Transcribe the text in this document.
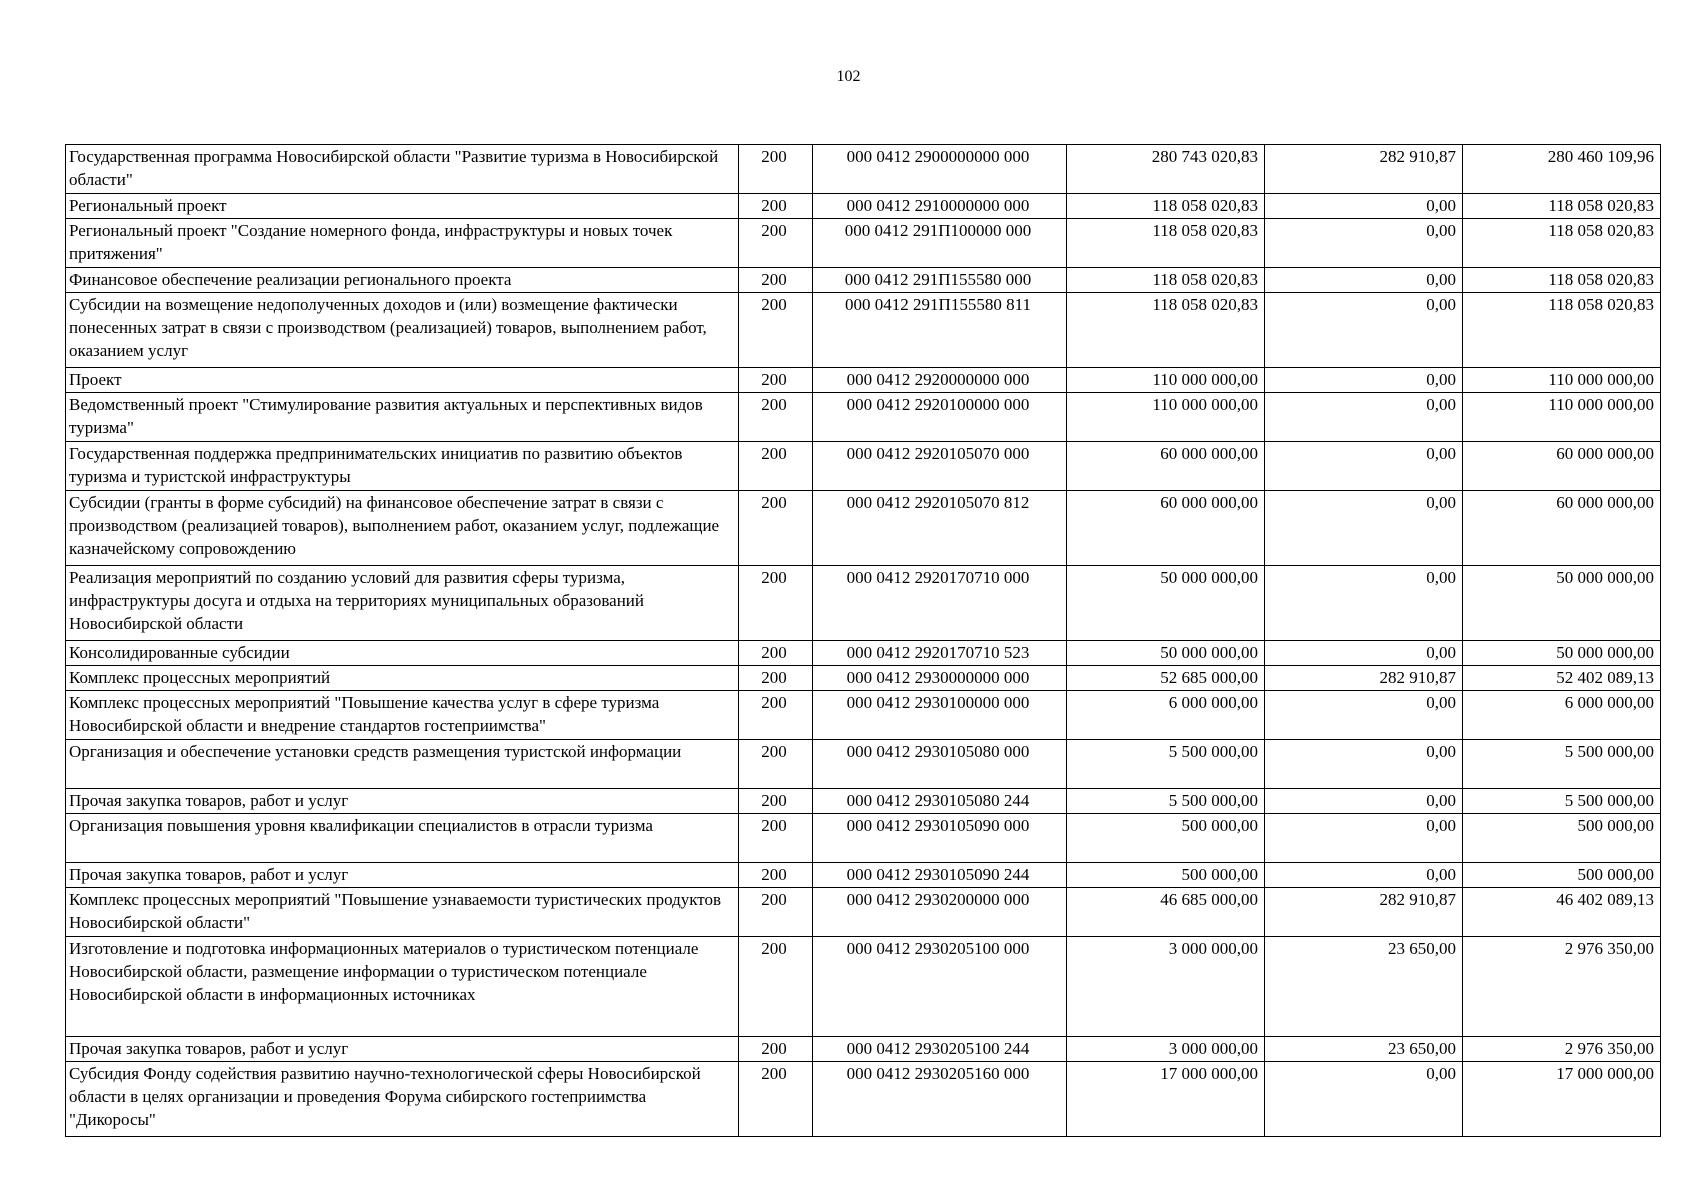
102
Государственная программа Новосибирской области "Развитие туризма в Новосибирской области"	200	000 0412 2900000000 000	280 743 020,83	282 910,87	280 460 109,96
Региональный проект	200	000 0412 2910000000 000	118 058 020,83	0,00	118 058 020,83
Региональный проект "Создание номерного фонда, инфраструктуры и новых точек притяжения"	200	000 0412 291П100000 000	118 058 020,83	0,00	118 058 020,83
Финансовое обеспечение реализации регионального проекта	200	000 0412 291П155580 000	118 058 020,83	0,00	118 058 020,83
Субсидии на возмещение недополученных доходов и (или) возмещение фактически понесенных затрат в связи с производством (реализацией) товаров, выполнением работ, оказанием услуг	200	000 0412 291П155580 811	118 058 020,83	0,00	118 058 020,83
Проект	200	000 0412 2920000000 000	110 000 000,00	0,00	110 000 000,00
Ведомственный проект "Стимулирование развития актуальных и перспективных видов туризма"	200	000 0412 2920100000 000	110 000 000,00	0,00	110 000 000,00
Государственная поддержка предпринимательских инициатив по развитию объектов туризма и туристской инфраструктуры	200	000 0412 2920105070 000	60 000 000,00	0,00	60 000 000,00
Субсидии (гранты в форме субсидий) на финансовое обеспечение затрат в связи с производством (реализацией товаров), выполнением работ, оказанием услуг, подлежащие казначейскому сопровождению	200	000 0412 2920105070 812	60 000 000,00	0,00	60 000 000,00
Реализация мероприятий по созданию условий для развития сферы туризма, инфраструктуры досуга и отдыха на территориях муниципальных образований Новосибирской области	200	000 0412 2920170710 000	50 000 000,00	0,00	50 000 000,00
Консолидированные субсидии	200	000 0412 2920170710 523	50 000 000,00	0,00	50 000 000,00
Комплекс процессных мероприятий	200	000 0412 2930000000 000	52 685 000,00	282 910,87	52 402 089,13
Комплекс процессных мероприятий "Повышение качества услуг в сфере туризма Новосибирской области и внедрение стандартов гостеприимства"	200	000 0412 2930100000 000	6 000 000,00	0,00	6 000 000,00
Организация и обеспечение установки средств размещения туристской информации	200	000 0412 2930105080 000	5 500 000,00	0,00	5 500 000,00
Прочая закупка товаров, работ и услуг	200	000 0412 2930105080 244	5 500 000,00	0,00	5 500 000,00
Организация повышения уровня квалификации специалистов в отрасли туризма	200	000 0412 2930105090 000	500 000,00	0,00	500 000,00
Прочая закупка товаров, работ и услуг	200	000 0412 2930105090 244	500 000,00	0,00	500 000,00
Комплекс процессных мероприятий "Повышение узнаваемости туристических продуктов Новосибирской области"	200	000 0412 2930200000 000	46 685 000,00	282 910,87	46 402 089,13
Изготовление и подготовка информационных материалов о туристическом потенциале Новосибирской области, размещение информации о туристическом потенциале Новосибирской области в информационных источниках	200	000 0412 2930205100 000	3 000 000,00	23 650,00	2 976 350,00
Прочая закупка товаров, работ и услуг	200	000 0412 2930205100 244	3 000 000,00	23 650,00	2 976 350,00
Субсидия Фонду содействия развитию научно-технологической сферы Новосибирской области в целях организации и проведения Форума сибирского гостеприимства "Дикоросы"	200	000 0412 2930205160 000	17 000 000,00	0,00	17 000 000,00
